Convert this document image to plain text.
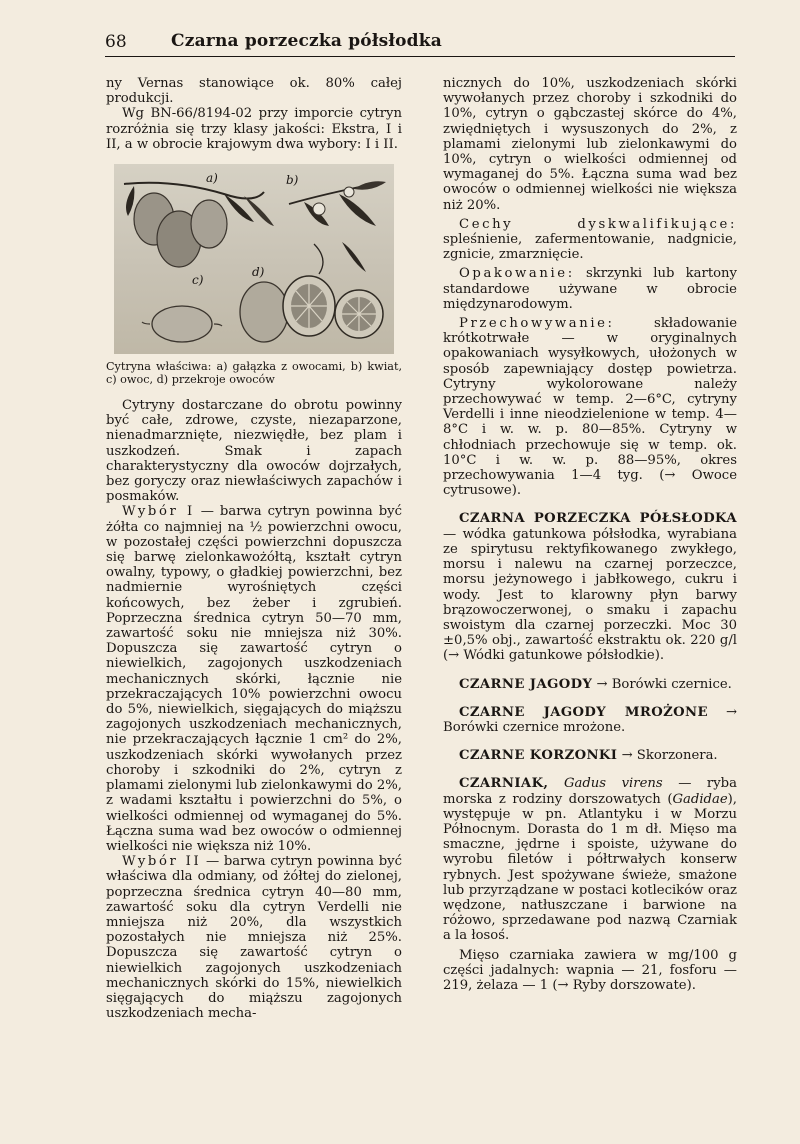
68	Czarna porzeczka półsłodka

ny Vernas stanowiące ok. 80% całej produkcji.

Wg BN-66/8194-02 przy imporcie cytryn rozróżnia się trzy klasy jakości: Ekstra, I i II, a w obrocie krajowym dwa wybory: I i II.

a)	b)
c)
d)

Cytryna właściwa: a) gałązka z owocami, b) kwiat, c) owoc, d) przekroje owoców

Cytryny dostarczane do obrotu powinny być całe, zdrowe, czyste, niezaparzone, nienadmarznięte, niezwiędłe, bez plam i uszkodzeń. Smak i zapach charakterystyczny dla owoców dojrzałych, bez goryczy oraz niewłaściwych zapachów i posmaków.

Wybór I — barwa cytryn powinna być żółta co najmniej na ½ powierzchni owocu, w pozostałej części powierzchni dopuszcza się barwę zielonkawożółtą, kształt cytryn owalny, typowy, o gładkiej powierzchni, bez nadmiernie wyrośniętych części końcowych, bez żeber i zgrubień. Poprzeczna średnica cytryn 50—70 mm, zawartość soku nie mniejsza niż 30%. Dopuszcza się zawartość cytryn o niewielkich, zagojonych uszkodzeniach mechanicznych skórki, łącznie nie przekraczających 10% powierzchni owocu do 5%, niewielkich, sięgających do miąższu zagojonych uszkodzeniach mechanicznych, nie przekraczających łącznie 1 cm² do 2%, uszkodzeniach skórki wywołanych przez choroby i szkodniki do 2%, cytryn z plamami zielonymi lub zielonkawymi do 2%, z wadami kształtu i powierzchni do 5%, o wielkości odmiennej od wymaganej do 5%. Łączna suma wad bez owoców o odmiennej wielkości nie większa niż 10%.

Wybór II — barwa cytryn powinna być właściwa dla odmiany, od żółtej do zielonej, poprzeczna średnica cytryn 40—80 mm, zawartość soku dla cytryn Verdelli nie mniejsza niż 20%, dla wszystkich pozostałych nie mniejsza niż 25%. Dopuszcza się zawartość cytryn o niewielkich zagojonych uszkodzeniach mechanicznych skórki do 15%, niewielkich sięgających do miąższu zagojonych uszkodzeniach mecha-

nicznych do 10%, uszkodzeniach skórki wywołanych przez choroby i szkodniki do 10%, cytryn o gąbczastej skórce do 4%, zwiędniętych i wysuszonych do 2%, z plamami zielonymi lub zielonkawymi do 10%, cytryn o wielkości odmiennej od wymaganej do 5%. Łączna suma wad bez owoców o odmiennej wielkości nie większa niż 20%.

Cechy dyskwalifikujące: spleśnienie, zafermentowanie, nadgnicie, zgnicie, zmarznięcie.

Opakowanie: skrzynki lub kartony standardowe używane w obrocie międzynarodowym.

Przechowywanie: składowanie krótkotrwałe — w oryginalnych opakowaniach wysyłkowych, ułożonych w sposób zapewniający dostęp powietrza. Cytryny wykolorowane należy przechowywać w temp. 2—6°C, cytryny Verdelli i inne nieodzielenione w temp. 4—8°C i w. w. p. 80—85%. Cytryny w chłodniach przechowuje się w temp. ok. 10°C i w. w. p. 88—95%, okres przechowywania 1—4 tyg. (→ Owoce cytrusowe).

CZARNA PORZECZKA PÓŁSŁODKA — wódka gatunkowa półsłodka, wyrabiana ze spirytusu rektyfikowanego zwykłego, morsu i nalewu na czarnej porzeczce, morsu jeżynowego i jabłkowego, cukru i wody. Jest to klarowny płyn barwy brązowoczerwonej, o smaku i zapachu swoistym dla czarnej porzeczki. Moc 30 ±0,5% obj., zawartość ekstraktu ok. 220 g/l (→ Wódki gatunkowe półsłodkie).

CZARNE JAGODY → Borówki czernice.

CZARNE JAGODY MROŻONE → Borówki czernice mrożone.

CZARNE KORZONKI → Skorzonera.

CZARNIAK, Gadus virens — ryba morska z rodziny dorszowatych (Gadidae), występuje w pn. Atlantyku i w Morzu Północnym. Dorasta do 1 m dł. Mięso ma smaczne, jędrne i spoiste, używane do wyrobu filetów i półtrwałych konserw rybnych. Jest spożywane świeże, smażone lub przyrządzane w postaci kotlecików oraz wędzone, natłuszczane i barwione na różowo, sprzedawane pod nazwą Czarniak a la łosoś.

Mięso czarniaka zawiera w mg/100 g części jadalnych: wapnia — 21, fosforu — 219, żelaza — 1 (→ Ryby dorszowate).
